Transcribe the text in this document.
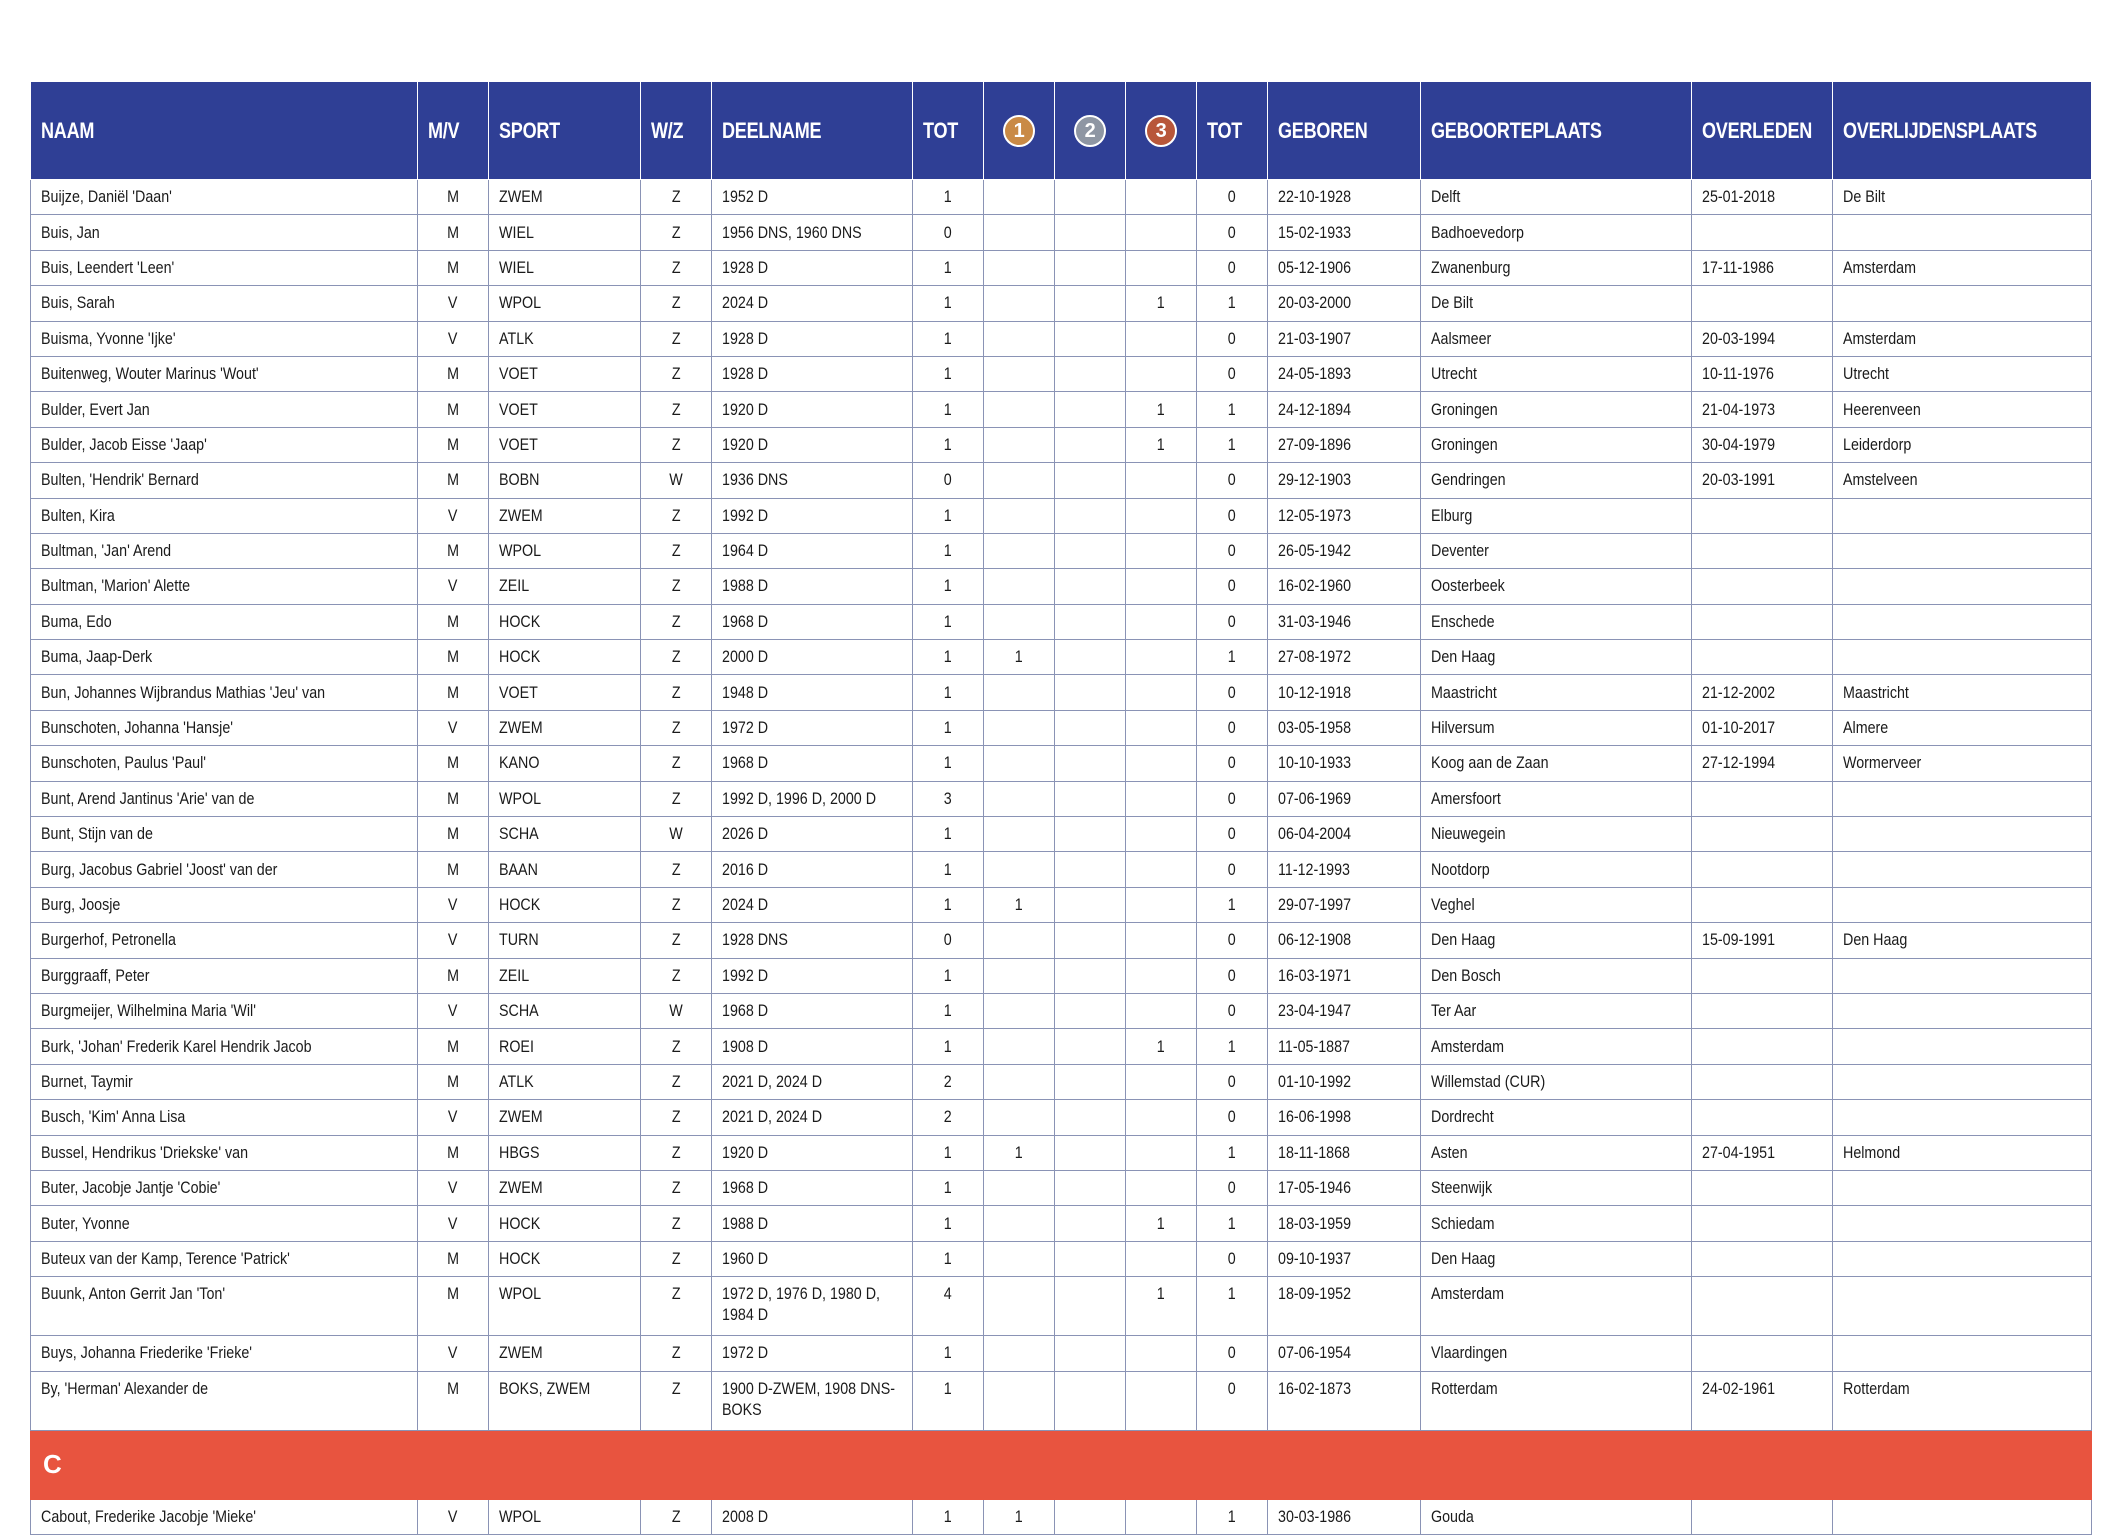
NAAM	M/V	SPORT	W/Z	DEELNAME	TOT	1	2	3	TOT	GEBOREN	GEBOORTEPLAATS	OVERLEDEN	OVERLIJDENSPLAATS
Buijze, Daniël 'Daan'	M	ZWEM	Z	1952 D	1				0	22-10-1928	Delft	25-01-2018	De Bilt
Buis, Jan	M	WIEL	Z	1956 DNS, 1960 DNS	0				0	15-02-1933	Badhoevedorp		
Buis, Leendert 'Leen'	M	WIEL	Z	1928 D	1				0	05-12-1906	Zwanenburg	17-11-1986	Amsterdam
Buis, Sarah	V	WPOL	Z	2024 D	1			1	1	20-03-2000	De Bilt		
Buisma, Yvonne 'Ijke'	V	ATLK	Z	1928 D	1				0	21-03-1907	Aalsmeer	20-03-1994	Amsterdam
Buitenweg, Wouter Marinus 'Wout'	M	VOET	Z	1928 D	1				0	24-05-1893	Utrecht	10-11-1976	Utrecht
Bulder, Evert Jan	M	VOET	Z	1920 D	1			1	1	24-12-1894	Groningen	21-04-1973	Heerenveen
Bulder, Jacob Eisse 'Jaap'	M	VOET	Z	1920 D	1			1	1	27-09-1896	Groningen	30-04-1979	Leiderdorp
Bulten, 'Hendrik' Bernard	M	BOBN	W	1936 DNS	0				0	29-12-1903	Gendringen	20-03-1991	Amstelveen
Bulten, Kira	V	ZWEM	Z	1992 D	1				0	12-05-1973	Elburg		
Bultman, 'Jan' Arend	M	WPOL	Z	1964 D	1				0	26-05-1942	Deventer		
Bultman, 'Marion' Alette	V	ZEIL	Z	1988 D	1				0	16-02-1960	Oosterbeek		
Buma, Edo	M	HOCK	Z	1968 D	1				0	31-03-1946	Enschede		
Buma, Jaap-Derk	M	HOCK	Z	2000 D	1	1			1	27-08-1972	Den Haag		
Bun, Johannes Wijbrandus Mathias 'Jeu' van	M	VOET	Z	1948 D	1				0	10-12-1918	Maastricht	21-12-2002	Maastricht
Bunschoten, Johanna 'Hansje'	V	ZWEM	Z	1972 D	1				0	03-05-1958	Hilversum	01-10-2017	Almere
Bunschoten, Paulus 'Paul'	M	KANO	Z	1968 D	1				0	10-10-1933	Koog aan de Zaan	27-12-1994	Wormerveer
Bunt, Arend Jantinus 'Arie' van de	M	WPOL	Z	1992 D, 1996 D, 2000 D	3				0	07-06-1969	Amersfoort		
Bunt, Stijn van de	M	SCHA	W	2026 D	1				0	06-04-2004	Nieuwegein		
Burg, Jacobus Gabriel 'Joost' van der	M	BAAN	Z	2016 D	1				0	11-12-1993	Nootdorp		
Burg, Joosje	V	HOCK	Z	2024 D	1	1			1	29-07-1997	Veghel		
Burgerhof, Petronella	V	TURN	Z	1928 DNS	0				0	06-12-1908	Den Haag	15-09-1991	Den Haag
Burggraaff, Peter	M	ZEIL	Z	1992 D	1				0	16-03-1971	Den Bosch		
Burgmeijer, Wilhelmina Maria 'Wil'	V	SCHA	W	1968 D	1				0	23-04-1947	Ter Aar		
Burk, 'Johan' Frederik Karel Hendrik Jacob	M	ROEI	Z	1908 D	1			1	1	11-05-1887	Amsterdam		
Burnet, Taymir	M	ATLK	Z	2021 D, 2024 D	2				0	01-10-1992	Willemstad (CUR)		
Busch, 'Kim' Anna Lisa	V	ZWEM	Z	2021 D, 2024 D	2				0	16-06-1998	Dordrecht		
Bussel, Hendrikus 'Driekske' van	M	HBGS	Z	1920 D	1	1			1	18-11-1868	Asten	27-04-1951	Helmond
Buter, Jacobje Jantje 'Cobie'	V	ZWEM	Z	1968 D	1				0	17-05-1946	Steenwijk		
Buter, Yvonne	V	HOCK	Z	1988 D	1			1	1	18-03-1959	Schiedam		
Buteux van der Kamp, Terence 'Patrick'	M	HOCK	Z	1960 D	1				0	09-10-1937	Den Haag		
Buunk, Anton Gerrit Jan 'Ton'	M	WPOL	Z	1972 D, 1976 D, 1980 D, 1984 D	4			1	1	18-09-1952	Amsterdam		
Buys, Johanna Friederike 'Frieke'	V	ZWEM	Z	1972 D	1				0	07-06-1954	Vlaardingen		
By, 'Herman' Alexander de	M	BOKS, ZWEM	Z	1900 D-ZWEM, 1908 DNS-BOKS	1				0	16-02-1873	Rotterdam	24-02-1961	Rotterdam
C													
Cabout, Frederike Jacobje 'Mieke'	V	WPOL	Z	2008 D	1	1			1	30-03-1986	Gouda		
